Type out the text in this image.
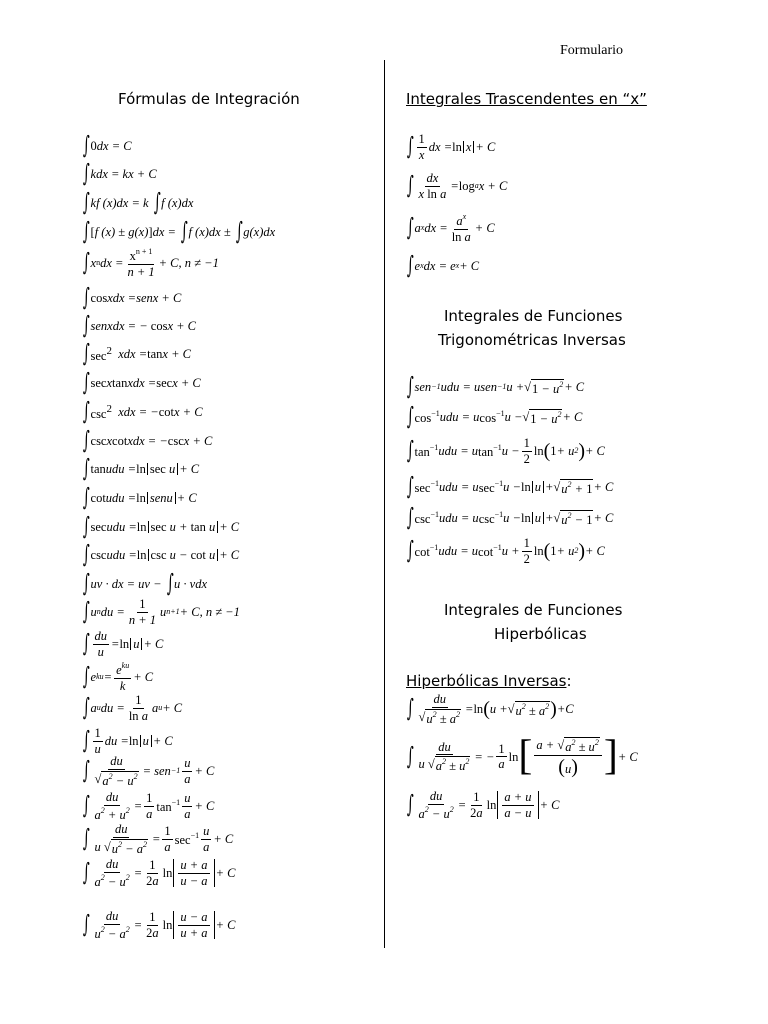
Formulario
Fórmulas de Integración	Integrales Trascendentes en “x”
∫ 0 dx = C
∫ kdx = kx + C
∫ kf (x)dx = k ∫ f (x)dx
∫ [ f (x) ± g(x) ] dx = ∫ f (x)dx ± ∫ g(x)dx
∫ x n dx = $\frac{x^{n + 1}}{n + 1} + C$, n ≠ −1
∫ cos xdx =senx + C
∫ senxdx = − cos x + C
∫ $\sec^2$ xdx = tan x + C
∫ sec x tan xdx = sec x + C
∫ $\csc^2$ xdx = − cot x + C
∫ csc x cot xdx = − csc x + C
∫ tan udu = ln sec u + C
∫ cot udu = ln senu + C
∫ sec udu = ln sec u + tan u + C
∫ csc udu = ln csc u − cot u + C
∫ uv · dx = uv − ∫ u · vdx
∫ u n du = $\frac{1}{n + 1}$ u n+1 + C, n ≠ −1
∫ $\frac{du}{u} = \ln u + C$
∫ e ku = $\frac{e^{ku}}{k} + C$
∫ a u du = $\frac{1}{\text{ln a}}$ a u + C
∫ $\frac{1}{u}$ du = ln u + C
∫ $\frac{du}{√ a^2 - u^2}$ = sen $-1 \frac{u}{a} + C$
∫ $\frac{du}{a^2 + u^2} = \frac{1}{a} \tan^{-1} \frac{u}{a} + C$
∫ $\frac{du}{u √ u^2 - a^2} = \frac{1}{a} \sec^{-1} \frac{u}{a} + C$
∫ $\frac{du}{a^2 - u^2} = \frac{1}{2a}$ $\ln \frac{u + a}{u - a} + C$
∫ $\frac{du}{u^2 - a^2} = \frac{1}{2a}$ $\ln \frac{u - a}{u + a} + C$
∫ $\frac{1}{x}$ dx = ln x + C
∫ $\frac{dx}{\text{x ln a}} = \log a$ x + C
∫ a x dx = $\frac{a^x}{\text{ln a}} + C$
∫ e x dx = e x + C
Integrales de Funciones
Trigonométricas Inversas
∫ sen −1 udu = usen −1 u + √ $1 - u^2 + C$
∫ $\cos^{-1}$ udu = u $\cos^{-1} u$ − √ $1 - u^2 + C$
∫ $\tan^{-1}$ udu = u $\tan^{-1} u - \frac{1}{2}$ ln ( 1 + u 2 ) + C
∫ $\sec^{-1}$ udu = u $\sec^{-1} u - \ln u$ + √ $u^2 + 1 + C$
∫ $\csc^{-1}$ udu = u $\csc^{-1} u - \ln u$ + √ $u^2 - 1 + C$
∫ $\cot^{-1}$ udu = u $\cot^{-1} u + \frac{1}{2}$ ln ( 1 + u 2 ) + C
Integrales de Funciones
Hiperbólicas
Hiperbólicas Inversas:
∫ $\frac{du}{√ u^2 \pm a^2} = \ln$ ( u + √ $u^2 \pm a^2$ ) +C
∫ $\frac{du}{u √ a^2 \pm u^2}$ = − $\frac{1}{a}$ ln [ $\frac{a + √ a^2 \pm u^2}{(u)}$ ] + C
∫ $\frac{du}{a^2 - u^2} = \frac{1}{2a}$ $\ln \frac{a + u}{a - u} + C$
